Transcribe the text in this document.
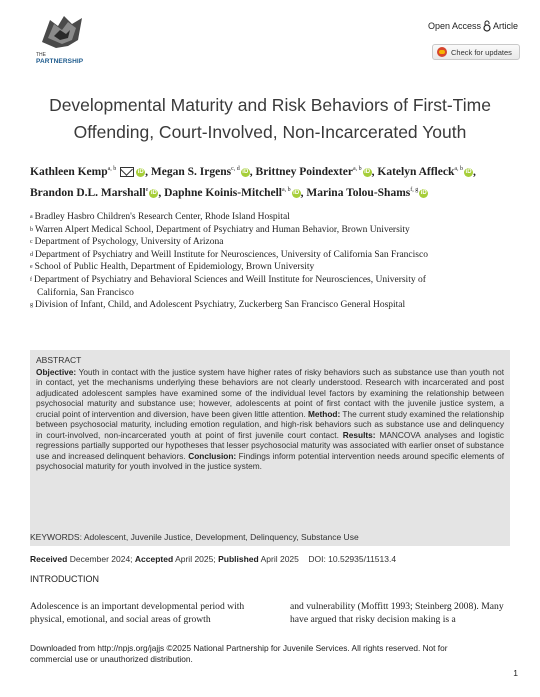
THE
PARTNERSHIP
Open Access Article
Check for updates
Developmental Maturity and Risk Behaviors of First-Time Offending, Court-Involved, Non-Incarcerated Youth
Kathleen Kemp$^{a, b}$	iD , Megan S. Irgens$^{c, d}$ iD , Brittney Poindexter$^{a, b}$ iD , Katelyn Affleck$^{a, b}$ iD , Brandon D.L. Marshall$^e$ iD , Daphne Koinis-Mitchell$^{a, b}$ iD , Marina Tolou-Shams$^{f, g}$ iD
a Bradley Hasbro Children's Research Center, Rhode Island Hospital
b Warren Alpert Medical School, Department of Psychiatry and Human Behavior, Brown University
c Department of Psychology, University of Arizona
d Department of Psychiatry and Weill Institute for Neurosciences, University of California San Francisco
e School of Public Health, Department of Epidemiology, Brown University
f Department of Psychiatry and Behavioral Sciences and Weill Institute for Neurosciences, University of
California, San Francisco
g Division of Infant, Child, and Adolescent Psychiatry, Zuckerberg San Francisco General Hospital
ABSTRACT
Objective: Youth in contact with the justice system have higher rates of risky behaviors such as substance use than youth not in contact, yet the mechanisms underlying these behaviors are not clearly understood. Research with incarcerated and post adjudicated adolescent samples have examined some of the individual level factors by examining the relationship between psychosocial maturity and substance use; however, adolescents at point of first contact with the juvenile justice system, a crucial point of intervention and diversion, have been given little attention. Method: The current study examined the relationship between psychosocial maturity, including emotion regulation, and high-risk behaviors such as substance use and delinquency in court-involved, non-incarcerated youth at point of first juvenile court contact. Results: MANCOVA analyses and logistic regressions partially supported our hypotheses that lesser psychosocial maturity was associated with earlier onset of substance use and increased delinquent behaviors. Conclusion: Findings inform potential intervention needs around specific elements of psychosocial maturity for youth involved in the justice system.
KEYWORDS: Adolescent, Juvenile Justice, Development, Delinquency, Substance Use
Received December 2024; Accepted April 2025; Published April 2025 DOI: 10.52935/11513.4
INTRODUCTION
Adolescence is an important developmental period with physical, emotional, and social areas of growth
and vulnerability (Moffitt 1993; Steinberg 2008). Many have argued that risky decision making is a
Downloaded from http://npjs.org/jajjs ©2025 National Partnership for Juvenile Services. All rights reserved. Not for
commercial use or unauthorized distribution.
1
